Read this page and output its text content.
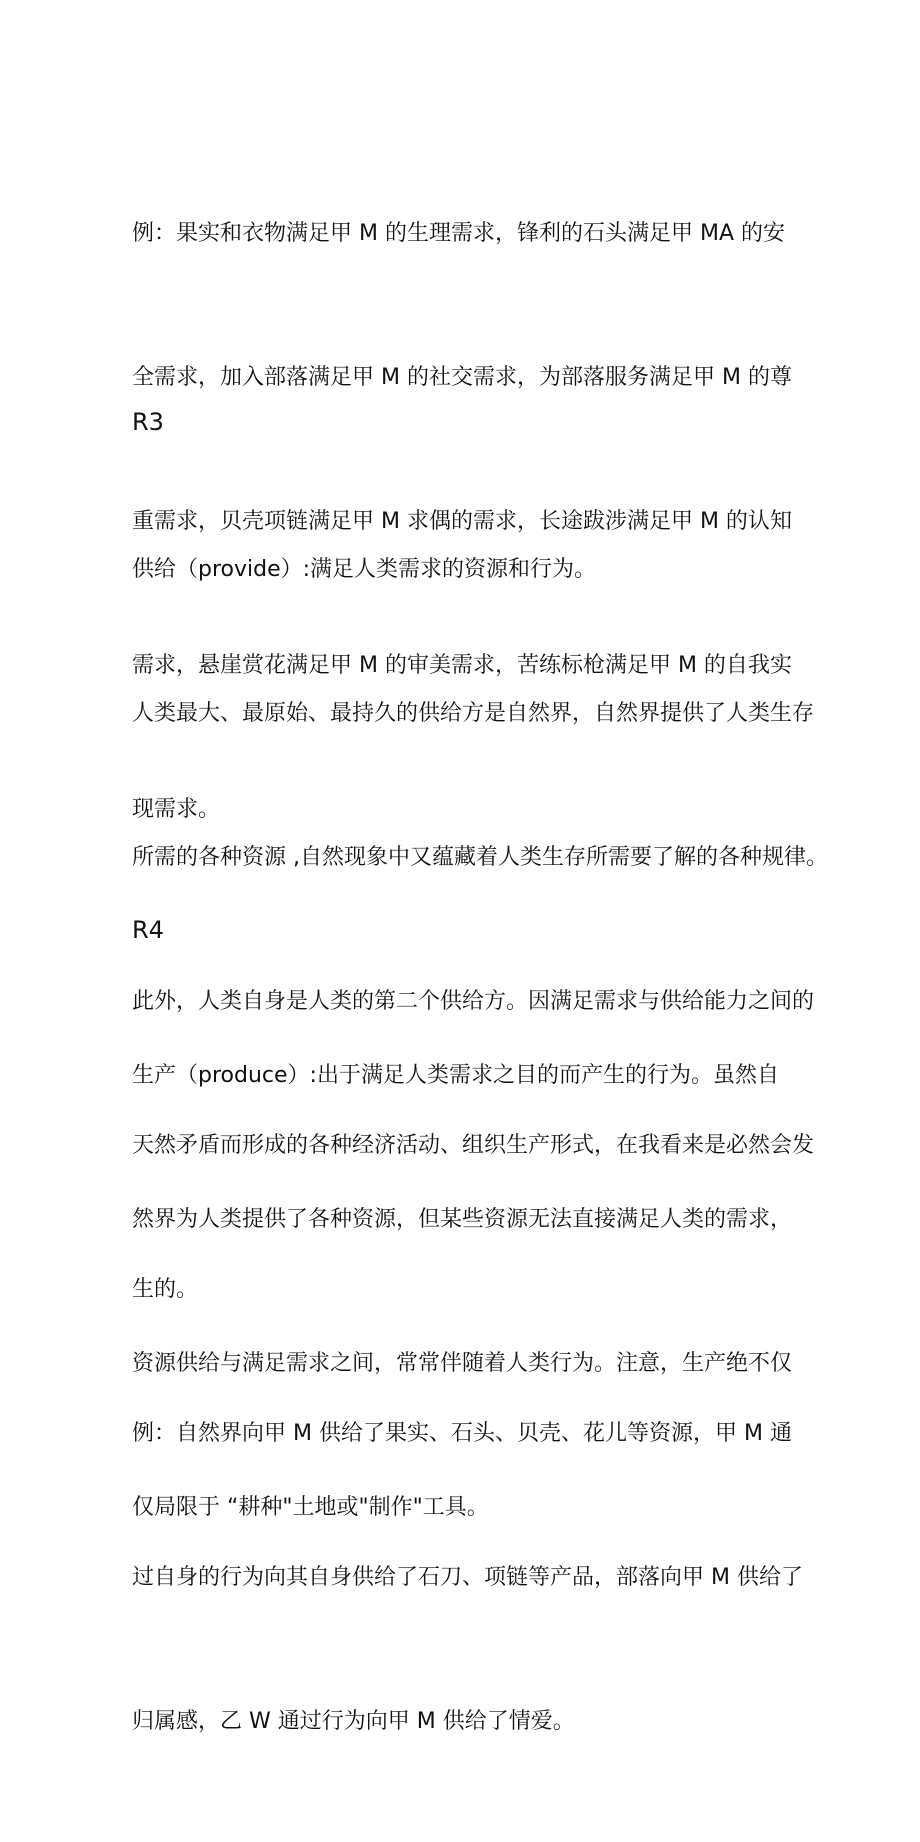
例：果实和衣物满足甲 M 的生理需求，锋利的石头满足甲 MA 的安

全需求，加入部落满足甲 M 的社交需求，为部落服务满足甲 M 的尊

重需求，贝壳项链满足甲 M 求偶的需求，长途跋涉满足甲 M 的认知

需求，悬崖赏花满足甲 M 的审美需求，苦练标枪满足甲 M 的自我实

现需求。

R3

供给（provide）:满足人类需求的资源和行为。

人类最大、最原始、最持久的供给方是自然界，自然界提供了人类生存

所需的各种资源 ,自然现象中又蕴藏着人类生存所需要了解的各种规律。

此外，人类自身是人类的第二个供给方。因满足需求与供给能力之间的

天然矛盾而形成的各种经济活动、组织生产形式，在我看来是必然会发

生的。

例：自然界向甲 M 供给了果实、石头、贝壳、花儿等资源，甲 M 通

过自身的行为向其自身供给了石刀、项链等产品，部落向甲 M 供给了

归属感，乙 W 通过行为向甲 M 供给了情爱。

R4

生产（produce）:出于满足人类需求之目的而产生的行为。虽然自

然界为人类提供了各种资源，但某些资源无法直接满足人类的需求，

资源供给与满足需求之间，常常伴随着人类行为。注意，生产绝不仅

仅局限于 “耕种"土地或"制作"工具。
